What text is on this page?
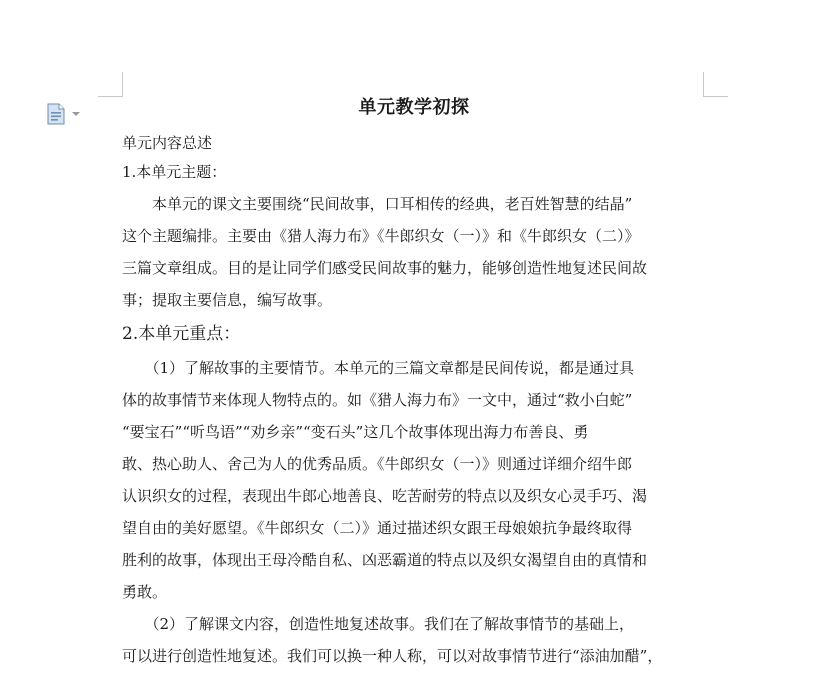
单元教学初探

单元内容总述

1.本单元主题：

　　本单元的课文主要围绕“民间故事，口耳相传的经典，老百姓智慧的结晶”

这个主题编排。主要由《猎人海力布》《牛郎织女（一）》和《牛郎织女（二）》

三篇文章组成。目的是让同学们感受民间故事的魅力，能够创造性地复述民间故

事；提取主要信息，编写故事。

2.本单元重点：

　　（1）了解故事的主要情节。本单元的三篇文章都是民间传说，都是通过具

体的故事情节来体现人物特点的。如《猎人海力布》一文中，通过“救小白蛇”

“要宝石”“听鸟语”“劝乡亲”“变石头”这几个故事体现出海力布善良、勇

敢、热心助人、舍己为人的优秀品质。《牛郎织女（一）》则通过详细介绍牛郎

认识织女的过程，表现出牛郎心地善良、吃苦耐劳的特点以及织女心灵手巧、渴

望自由的美好愿望。《牛郎织女（二）》通过描述织女跟王母娘娘抗争最终取得

胜利的故事，体现出王母冷酷自私、凶恶霸道的特点以及织女渴望自由的真情和

勇敢。

　　（2）了解课文内容，创造性地复述故事。我们在了解故事情节的基础上，

可以进行创造性地复述。我们可以换一种人称，可以对故事情节进行“添油加醋”，
